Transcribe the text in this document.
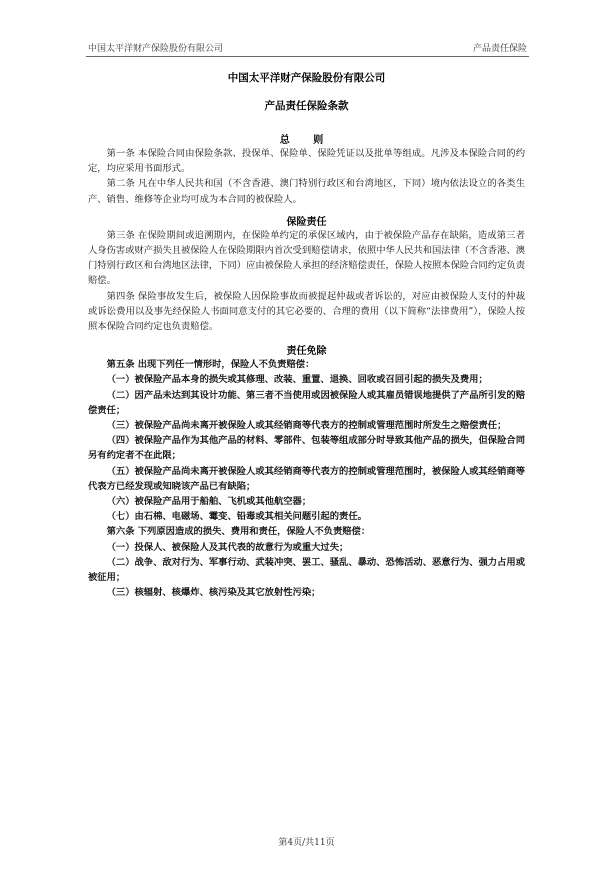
中国太平洋财产保险股份有限公司	产品责任保险

中国太平洋财产保险股份有限公司

产品责任保险条款

总 则

第一条 本保险合同由保险条款、投保单、保险单、保险凭证以及批单等组成。凡涉及本保险合同的约定，均应采用书面形式。

第二条 凡在中华人民共和国（不含香港、澳门特别行政区和台湾地区，下同）境内依法设立的各类生产、销售、维修等企业均可成为本合同的被保险人。

保险责任

第三条 在保险期间或追溯期内，在保险单约定的承保区域内，由于被保险产品存在缺陷，造成第三者人身伤害或财产损失且被保险人在保险期限内首次受到赔偿请求，依照中华人民共和国法律（不含香港、澳门特别行政区和台湾地区法律，下同）应由被保险人承担的经济赔偿责任，保险人按照本保险合同约定负责赔偿。

第四条 保险事故发生后，被保险人因保险事故而被提起仲裁或者诉讼的，对应由被保险人支付的仲裁或诉讼费用以及事先经保险人书面同意支付的其它必要的、合理的费用（以下简称“法律费用”），保险人按照本保险合同约定也负责赔偿。

责任免除

第五条 出现下列任一情形时，保险人不负责赔偿：

（一）被保险产品本身的损失或其修理、改装、重置、退换、回收或召回引起的损失及费用；

（二）因产品未达到其设计功能、第三者不当使用或因被保险人或其雇员错误地提供了产品所引发的赔偿责任；

（三）被保险产品尚未离开被保险人或其经销商等代表方的控制或管理范围时所发生之赔偿责任；

（四）被保险产品作为其他产品的材料、零部件、包装等组成部分时导致其他产品的损失，但保险合同另有约定者不在此限；

（五）被保险产品尚未离开被保险人或其经销商等代表方的控制或管理范围时，被保险人或其经销商等代表方已经发现或知晓该产品已有缺陷；

（六）被保险产品用于船舶、飞机或其他航空器；

（七）由石棉、电磁场、霉变、铅毒或其相关问题引起的责任。

第六条 下列原因造成的损失、费用和责任，保险人不负责赔偿：

（一）投保人、被保险人及其代表的故意行为或重大过失；

（二）战争、敌对行为、军事行动、武装冲突、罢工、骚乱、暴动、恐怖活动、恶意行为、强力占用或被征用；

（三）核辐射、核爆炸、核污染及其它放射性污染；

第4页/共11页
